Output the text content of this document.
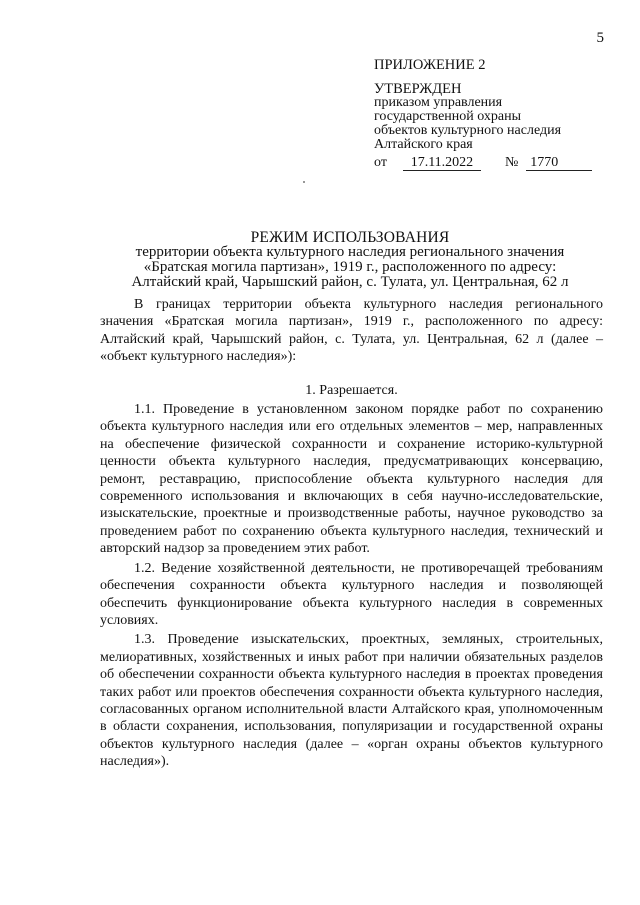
5
ПРИЛОЖЕНИЕ 2
УТВЕРЖДЕН
приказом управления
государственной охраны
объектов культурного наследия
Алтайского края
от	17.11.2022	№ 1770
РЕЖИМ ИСПОЛЬЗОВАНИЯ
территории объекта культурного наследия регионального значения
«Братская могила партизан», 1919 г., расположенного по адресу:
Алтайский край, Чарышский район, с. Тулата, ул. Центральная, 62 л

В границах территории объекта культурного наследия регионального значения «Братская могила партизан», 1919 г., расположенного по адресу: Алтайский край, Чарышский район, с. Тулата, ул. Центральная, 62 л (далее – «объект культурного наследия»):

1. Разрешается.

1.1. Проведение в установленном законом порядке работ по сохранению объекта культурного наследия или его отдельных элементов – мер, направленных на обеспечение физической сохранности и сохранение историко-культурной ценности объекта культурного наследия, предусматривающих консервацию, ремонт, реставрацию, приспособление объекта культурного наследия для современного использования и включающих в себя научно-исследовательские, изыскательские, проектные и производственные работы, научное руководство за проведением работ по сохранению объекта культурного наследия, технический и авторский надзор за проведением этих работ.

1.2. Ведение хозяйственной деятельности, не противоречащей требованиям обеспечения сохранности объекта культурного наследия и позволяющей обеспечить функционирование объекта культурного наследия в современных условиях.

1.3. Проведение изыскательских, проектных, земляных, строительных, мелиоративных, хозяйственных и иных работ при наличии обязательных разделов об обеспечении сохранности объекта культурного наследия в проектах проведения таких работ или проектов обеспечения сохранности объекта культурного наследия, согласованных органом исполнительной власти Алтайского края, уполномоченным в области сохранения, использования, популяризации и государственной охраны объектов культурного наследия (далее – «орган охраны объектов культурного наследия»).
